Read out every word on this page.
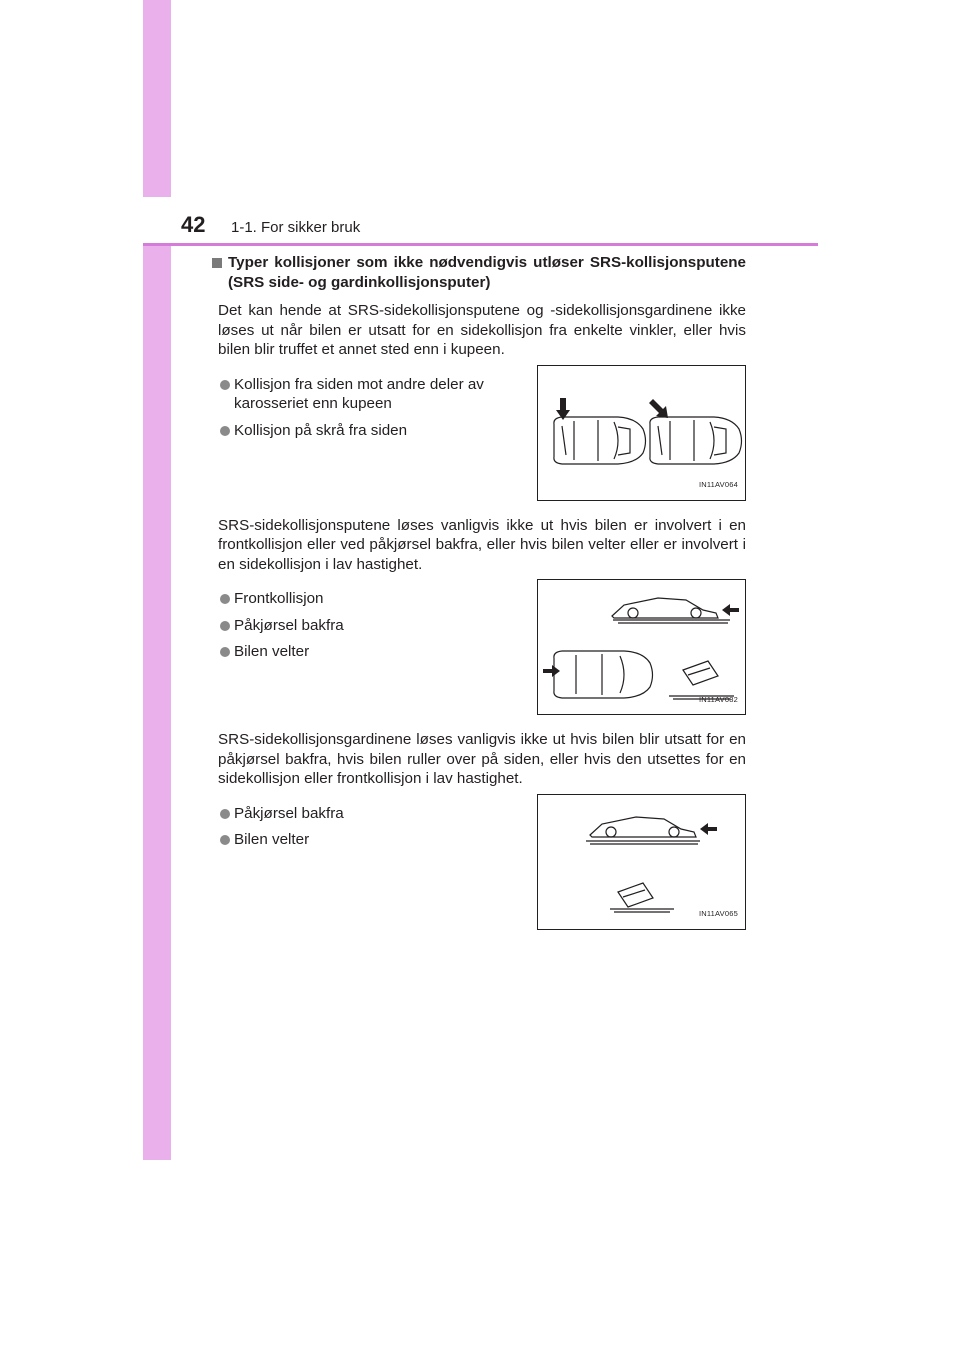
42 1-1. For sikker bruk
Typer kollisjoner som ikke nødvendigvis utløser SRS-kollisjonsputene (SRS side- og gardinkollisjonsputer)

Det kan hende at SRS-sidekollisjonsputene og -sidekollisjonsgardinene ikke løses ut når bilen er utsatt for en sidekollisjon fra enkelte vinkler, eller hvis bilen blir truffet et annet sted enn i kupeen.

Kollisjon fra siden mot andre deler av karosseriet enn kupeen
Kollisjon på skrå fra siden
IN11AV064

SRS-sidekollisjonsputene løses vanligvis ikke ut hvis bilen er involvert i en frontkollisjon eller ved påkjørsel bakfra, eller hvis bilen velter eller er involvert i en sidekollisjon i lav hastighet.

Frontkollisjon
Påkjørsel bakfra
Bilen velter
IN11AV082

SRS-sidekollisjonsgardinene løses vanligvis ikke ut hvis bilen blir utsatt for en påkjørsel bakfra, hvis bilen ruller over på siden, eller hvis den utsettes for en sidekollisjon eller frontkollisjon i lav hastighet.

Påkjørsel bakfra
Bilen velter
IN11AV065
